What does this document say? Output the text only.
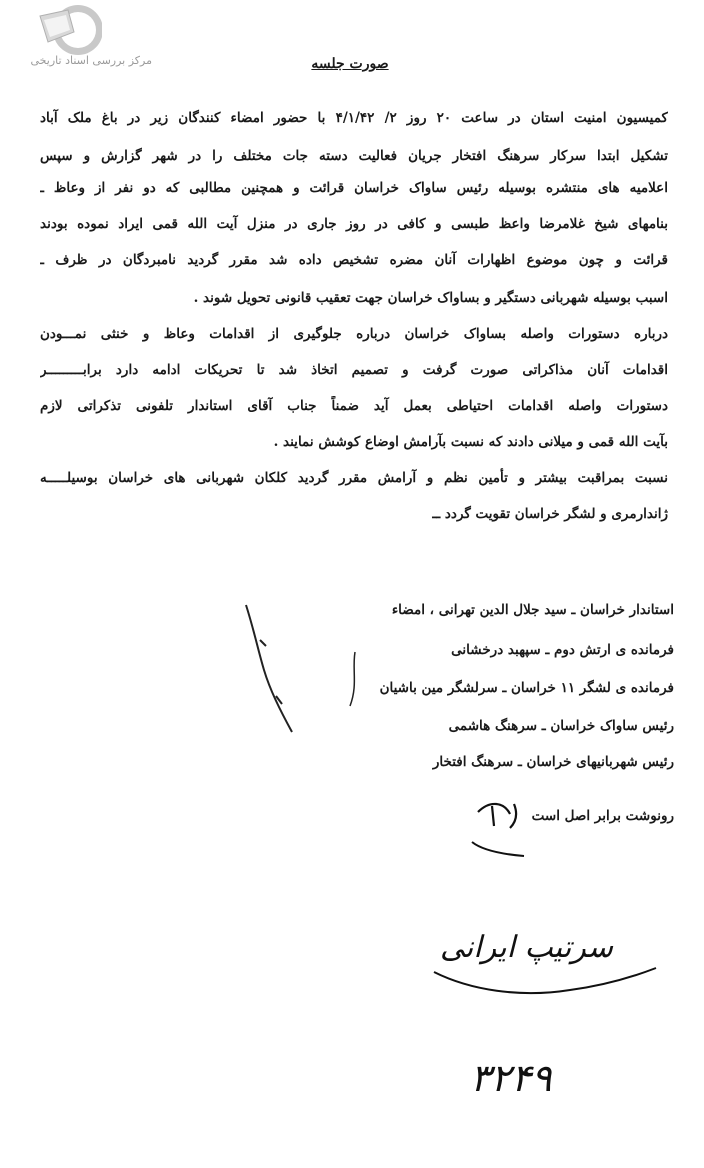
مرکز بررسی اسناد تاریخی	صورت جلسه
کمیسیون امنیت استان در ساعت ۲۰ روز ۲/ ۴/۱/۴۲ با حضور امضاء کنندگان زیر در باغ ملک آباد
تشکیل ابتدا سرکار سرهنگ افتخار جریان فعالیت دسته جات مختلف را در شهر گزارش و سپس
اعلامیه های منتشره بوسیله رئیس ساواک خراسان قرائت و همچنین مطالبی که دو نفر از وعاظ ـ
بنامهای شیخ غلامرضا واعظ طبسی و کافی در روز جاری در منزل آیت الله قمی ایراد نموده بودند
قرائت و چون موضوع اظهارات آنان مضره تشخیص داده شد مقرر گردید نامبردگان در ظرف ـ
اسبب بوسیله شهربانی دستگیر و بساواک خراسان جهت تعقیب قانونی تحویل شوند .
درباره دستورات واصله بساواک خراسان درباره جلوگیری از اقدامات وعاظ و خنثی نمـــودن
اقدامات آنان مذاکراتی صورت گرفت و تصمیم اتخاذ شد تا تحریکات ادامه دارد برابـــــــــر
دستورات واصله اقدامات احتیاطی بعمل آید ضمناً جناب آقای استاندار تلفونی تذکراتی لازم
بآیت الله قمی و میلانی دادند که نسبت بآرامش اوضاع کوشش نمایند .
نسبت بمراقبت بیشتر و تأمین نظم و آرامش مقرر گردید کلکان شهربانی های خراسان بوسیلـــــه
ژاندارمری و لشگر خراسان تقویت گردد ــ
استاندار خراسان ـ سید جلال الدین تهرانی ، امضاء
فرمانده ی ارتش دوم ـ سپهبد درخشانی
فرمانده ی لشگر ۱۱ خراسان ـ سرلشگر مین باشیان
رئیس ساواک خراسان ـ سرهنگ هاشمی
رئیس شهربانیهای خراسان ـ سرهنگ افتخار
رونوشت برابر اصل است
سرتیپ ایرانی
۳۲۴۹
